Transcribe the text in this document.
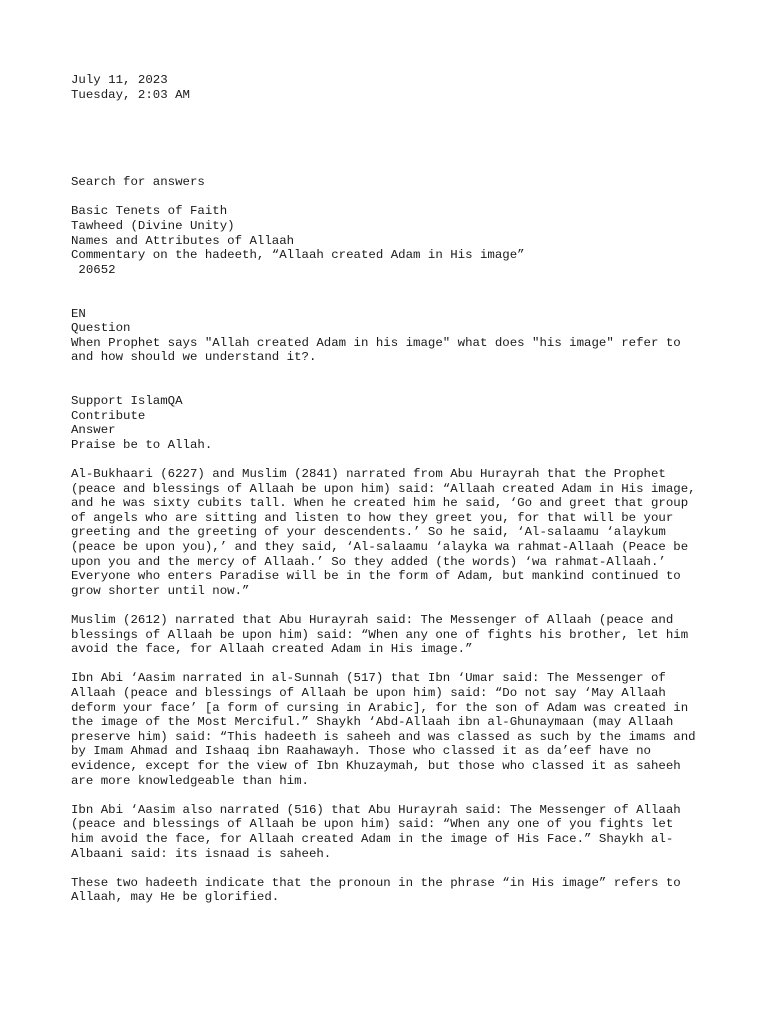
July 11, 2023
Tuesday, 2:03 AM
Search for answers
Basic Tenets of Faith
Tawheed (Divine Unity)
Names and Attributes of Allaah
Commentary on the hadeeth, “Allaah created Adam in His image”
20652
EN
Question

When Prophet says "Allah created Adam in his image" what does "his image" refer to and how should we understand it?.

Support IslamQA
Contribute
Answer
Praise be to Allah.

Al-Bukhaari (6227) and Muslim (2841) narrated from Abu Hurayrah that the Prophet (peace and blessings of Allaah be upon him) said: “Allaah created Adam in His image, and he was sixty cubits tall. When he created him he said, ‘Go and greet that group of angels who are sitting and listen to how they greet you, for that will be your greeting and the greeting of your descendents.’ So he said, ‘Al-salaamu ‘alaykum (peace be upon you),’ and they said, ‘Al-salaamu ‘alayka wa rahmat-Allaah (Peace be upon you and the mercy of Allaah.’ So they added (the words) ‘wa rahmat-Allaah.’ Everyone who enters Paradise will be in the form of Adam, but mankind continued to grow shorter until now.”

Muslim (2612) narrated that Abu Hurayrah said: The Messenger of Allaah (peace and blessings of Allaah be upon him) said: “When any one of fights his brother, let him avoid the face, for Allaah created Adam in His image.”

Ibn Abi ‘Aasim narrated in al-Sunnah (517) that Ibn ‘Umar said: The Messenger of Allaah (peace and blessings of Allaah be upon him) said: “Do not say ‘May Allaah deform your face’ [a form of cursing in Arabic], for the son of Adam was created in the image of the Most Merciful.” Shaykh ‘Abd-Allaah ibn al-Ghunaymaan (may Allaah preserve him) said: “This hadeeth is saheeh and was classed as such by the imams and by Imam Ahmad and Ishaaq ibn Raahawayh. Those who classed it as da’eef have no evidence, except for the view of Ibn Khuzaymah, but those who classed it as saheeh are more knowledgeable than him.

Ibn Abi ‘Aasim also narrated (516) that Abu Hurayrah said: The Messenger of Allaah (peace and blessings of Allaah be upon him) said: “When any one of you fights let him avoid the face, for Allaah created Adam in the image of His Face.” Shaykh al-Albaani said: its isnaad is saheeh.

These two hadeeth indicate that the pronoun in the phrase “in His image” refers to Allaah, may He be glorified.
